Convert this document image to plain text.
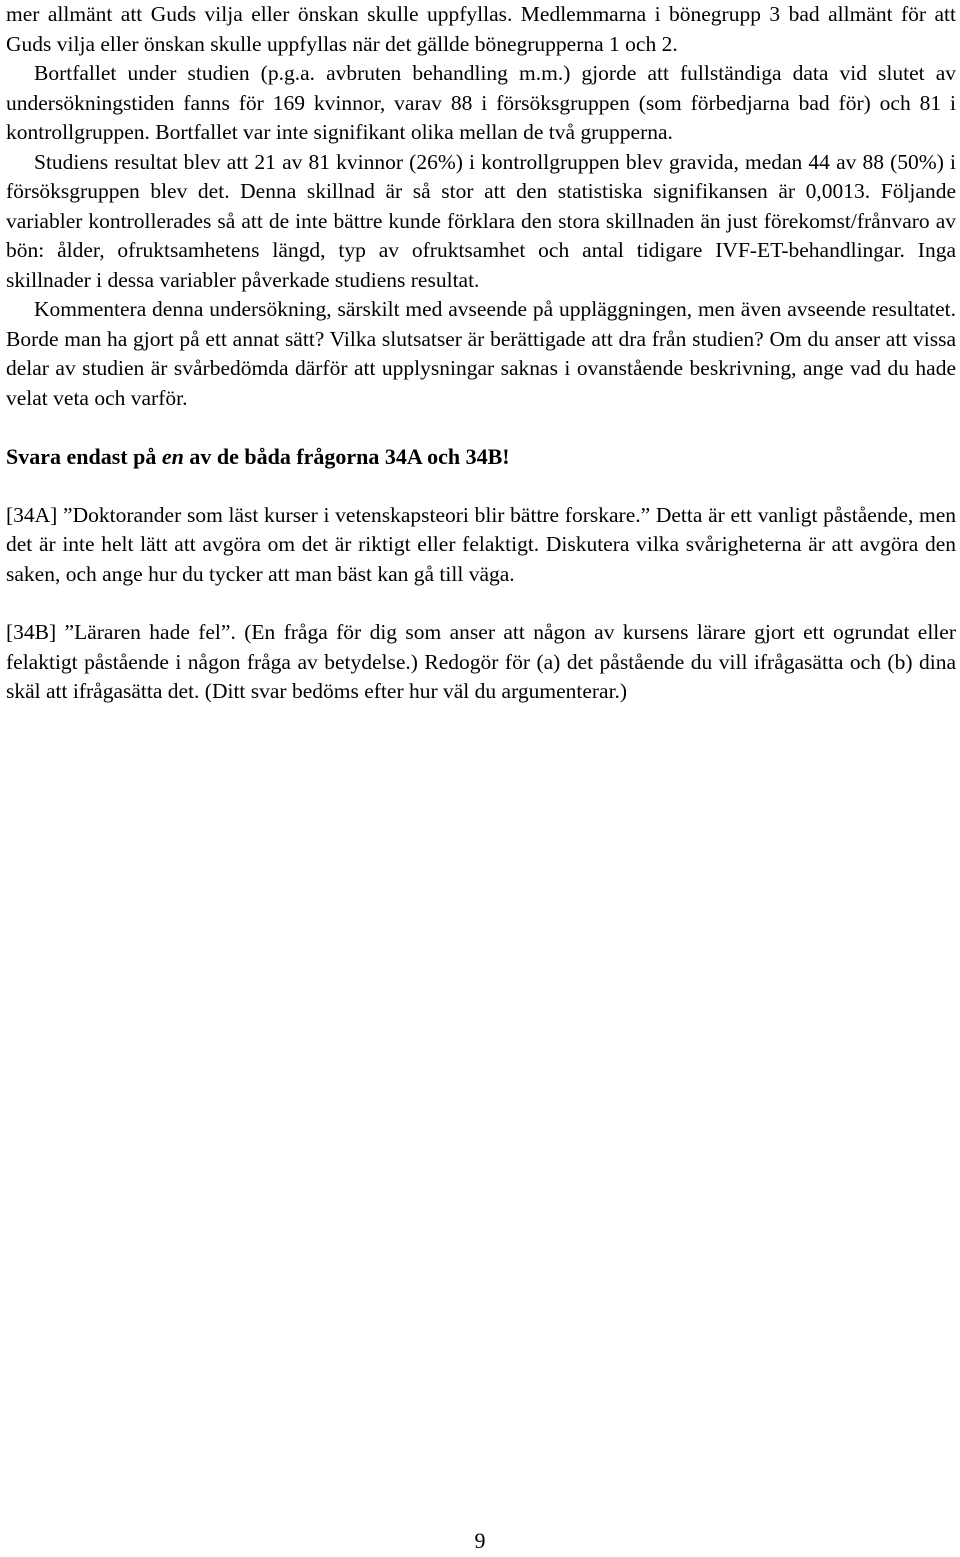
mer allmänt att Guds vilja eller önskan skulle uppfyllas. Medlemmarna i bönegrupp 3 bad allmänt för att Guds vilja eller önskan skulle uppfyllas när det gällde bönegrupperna 1 och 2.

Bortfallet under studien (p.g.a. avbruten behandling m.m.) gjorde att fullständiga data vid slutet av undersökningstiden fanns för 169 kvinnor, varav 88 i försöksgruppen (som förbedjarna bad för) och 81 i kontrollgruppen. Bortfallet var inte signifikant olika mellan de två grupperna.

Studiens resultat blev att 21 av 81 kvinnor (26%) i kontrollgruppen blev gravida, medan 44 av 88 (50%) i försöksgruppen blev det. Denna skillnad är så stor att den statistiska signifikansen är 0,0013. Följande variabler kontrollerades så att de inte bättre kunde förklara den stora skillnaden än just förekomst/frånvaro av bön: ålder, ofruktsamhetens längd, typ av ofruktsamhet och antal tidigare IVF-ET-behandlingar. Inga skillnader i dessa variabler påverkade studiens resultat.

Kommentera denna undersökning, särskilt med avseende på uppläggningen, men även avseende resultatet. Borde man ha gjort på ett annat sätt? Vilka slutsatser är berättigade att dra från studien? Om du anser att vissa delar av studien är svårbedömda därför att upplysningar saknas i ovanstående beskrivning, ange vad du hade velat veta och varför.

Svara endast på en av de båda frågorna 34A och 34B!

[34A] ”Doktorander som läst kurser i vetenskapsteori blir bättre forskare.” Detta är ett vanligt påstående, men det är inte helt lätt att avgöra om det är riktigt eller felaktigt. Diskutera vilka svårigheterna är att avgöra den saken, och ange hur du tycker att man bäst kan gå till väga.

[34B] ”Läraren hade fel”. (En fråga för dig som anser att någon av kursens lärare gjort ett ogrundat eller felaktigt påstående i någon fråga av betydelse.) Redogör för (a) det påstående du vill ifrågasätta och (b) dina skäl att ifrågasätta det. (Ditt svar bedöms efter hur väl du argumenterar.)

9
